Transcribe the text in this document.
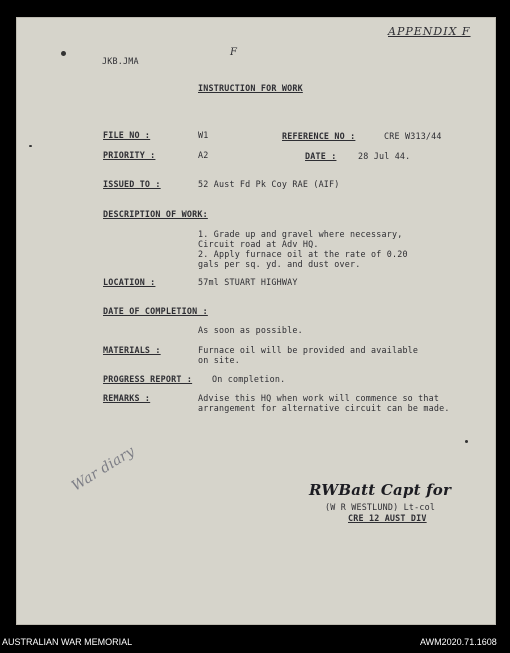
APPENDIX F
F
JKB.JMA
INSTRUCTION FOR WORK
FILE NO :	W1	REFERENCE NO :	CRE W313/44
PRIORITY :	A2	DATE :	28 Jul 44.
ISSUED TO :	52 Aust Fd Pk Coy RAE (AIF)
DESCRIPTION OF WORK:
1. Grade up and gravel where necessary,
Circuit road at Adv HQ.
2. Apply furnace oil at the rate of 0.20
gals per sq. yd. and dust over.
LOCATION :	57ml STUART HIGHWAY
DATE OF COMPLETION :
As soon as possible.
MATERIALS :	Furnace oil will be provided and available
on site.
PROGRESS REPORT : On completion.
REMARKS :	Advise this HQ when work will commence so that
arrangement for alternative circuit can be made.
War diary	RWBatt Capt for
(W R WESTLUND) Lt-col
CRE 12 AUST DIV
AUSTRALIAN WAR MEMORIAL	AWM2020.71.1608
